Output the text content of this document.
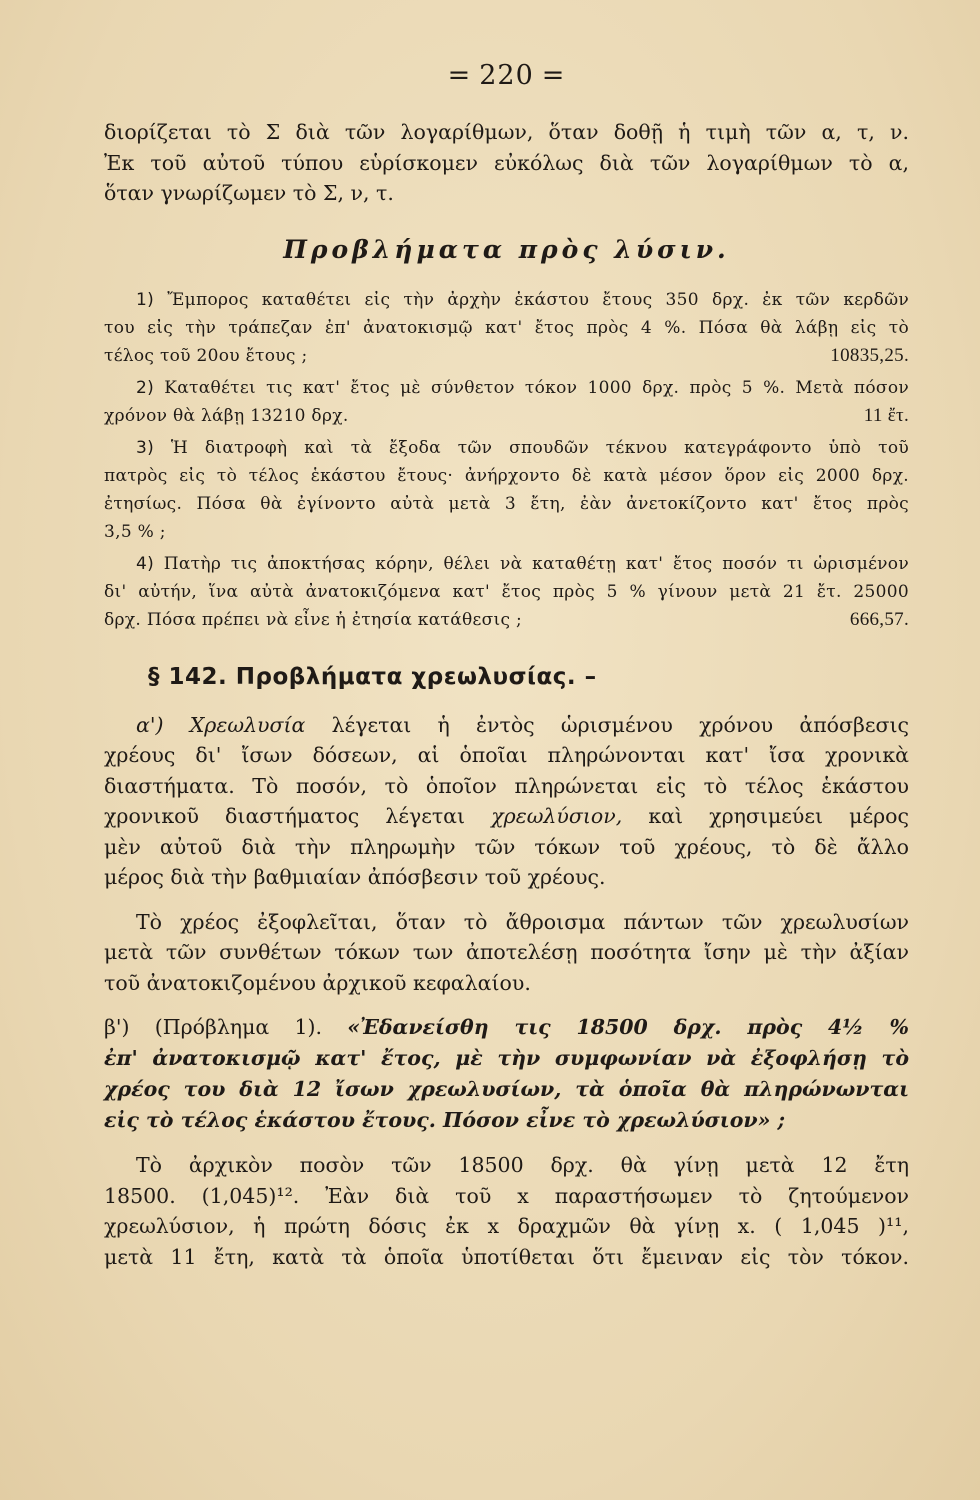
= 220 =

διορίζεται τὸ Σ διὰ τῶν λογαρίθμων, ὅταν δοθῇ ἡ τιμὴ τῶν α, τ, ν.
Ἐκ τοῦ αὐτοῦ τύπου εὑρίσκομεν εὐκόλως διὰ τῶν λογαρίθμων τὸ α,
ὅταν γνωρίζωμεν τὸ Σ, ν, τ.

Προβλήματα πρὸς λύσιν.
1) Ἔμπορος καταθέτει εἰς τὴν ἀρχὴν ἑκάστου ἔτους 350 δρχ. ἐκ τῶν κερδῶν
του εἰς τὴν τράπεζαν ἐπ' ἀνατοκισμῷ κατ' ἔτος πρὸς 4 %. Πόσα θὰ λάβῃ εἰς τὸ
τέλος τοῦ 20ου ἔτους ;	10835,25.
2) Καταθέτει τις κατ' ἔτος μὲ σύνθετον τόκον 1000 δρχ. πρὸς 5 %. Μετὰ πόσον
χρόνον θὰ λάβῃ 13210 δρχ.	11 ἔτ.
3) Ἡ διατροφὴ καὶ τὰ ἔξοδα τῶν σπουδῶν τέκνου κατεγράφοντο ὑπὸ τοῦ
πατρὸς εἰς τὸ τέλος ἑκάστου ἔτους· ἀνήρχοντο δὲ κατὰ μέσον ὅρον εἰς 2000 δρχ.
ἐτησίως. Πόσα θὰ ἐγίνοντο αὐτὰ μετὰ 3 ἔτη, ἐὰν ἀνετοκίζοντο κατ' ἔτος πρὸς
3,5 % ;
4) Πατὴρ τις ἀποκτήσας κόρην, θέλει νὰ καταθέτῃ κατ' ἔτος ποσόν τι ὡρισμένον
δι' αὐτήν, ἵνα αὐτὰ ἀνατοκιζόμενα κατ' ἔτος πρὸς 5 % γίνουν μετὰ 21 ἔτ. 25000
δρχ. Πόσα πρέπει νὰ εἶνε ἡ ἐτησία κατάθεσις ;	666,57.
§ 142. Προβλήματα χρεωλυσίας. –

α') Χρεωλυσία λέγεται ἡ ἐντὸς ὡρισμένου χρόνου ἀπόσβεσις
χρέους δι' ἴσων δόσεων, αἱ ὁποῖαι πληρώνονται κατ' ἴσα χρονικὰ
διαστήματα. Τὸ ποσόν, τὸ ὁποῖον πληρώνεται εἰς τὸ τέλος ἑκάστου
χρονικοῦ διαστήματος λέγεται χρεωλύσιον, καὶ χρησιμεύει μέρος
μὲν αὐτοῦ διὰ τὴν πληρωμὴν τῶν τόκων τοῦ χρέους, τὸ δὲ ἄλλο
μέρος διὰ τὴν βαθμιαίαν ἀπόσβεσιν τοῦ χρέους.

Τὸ χρέος ἐξοφλεῖται, ὅταν τὸ ἄθροισμα πάντων τῶν χρεωλυσίων
μετὰ τῶν συνθέτων τόκων των ἀποτελέσῃ ποσότητα ἴσην μὲ τὴν ἀξίαν
τοῦ ἀνατοκιζομένου ἀρχικοῦ κεφαλαίου.

β') (Πρόβλημα 1). «Ἐδανείσθη τις 18500 δρχ. πρὸς 4½ %
ἐπ' ἀνατοκισμῷ κατ' ἔτος, μὲ τὴν συμφωνίαν νὰ ἐξοφλήσῃ τὸ
χρέος του διὰ 12 ἴσων χρεωλυσίων, τὰ ὁποῖα θὰ πληρώνωνται
εἰς τὸ τέλος ἑκάστου ἔτους. Πόσον εἶνε τὸ χρεωλύσιον» ;

Τὸ ἀρχικὸν ποσὸν τῶν 18500 δρχ. θὰ γίνῃ μετὰ 12 ἔτη
18500. (1,045)¹². Ἐὰν διὰ τοῦ x παραστήσωμεν τὸ ζητούμενον
χρεωλύσιον, ἡ πρώτη δόσις ἐκ x δραχμῶν θὰ γίνῃ x. ( 1,045 )¹¹,
μετὰ 11 ἔτη, κατὰ τὰ ὁποῖα ὑποτίθεται ὅτι ἔμειναν εἰς τὸν τόκον.
